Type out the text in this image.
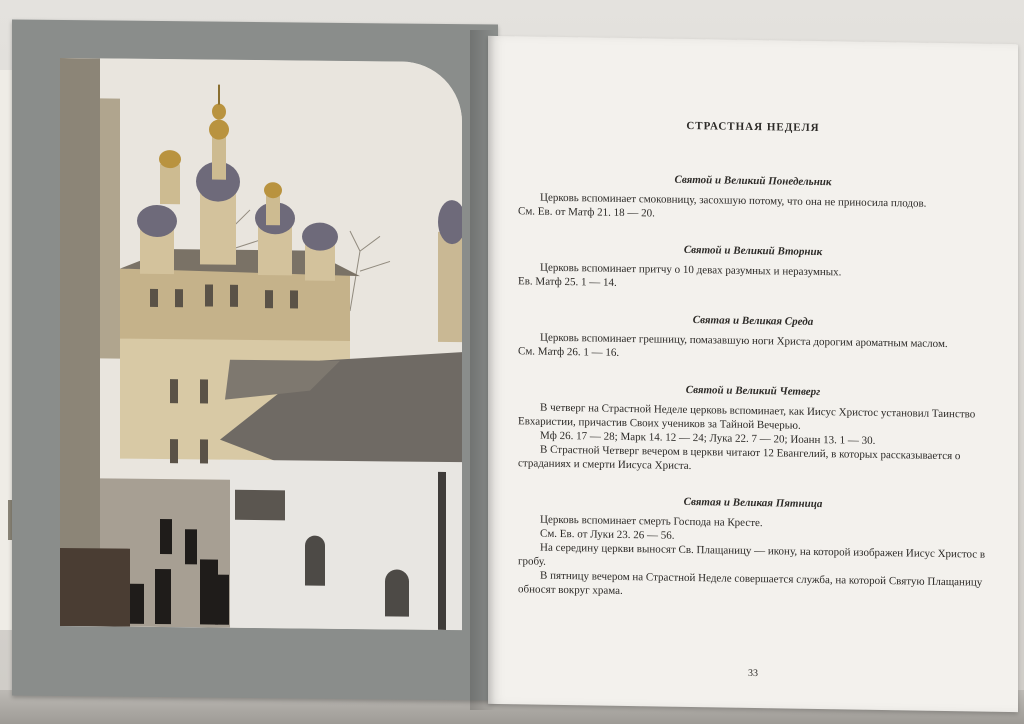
СТРАСТНАЯ НЕДЕЛЯ
Святой и Великий Понедельник

Церковь вспоминает смоковницу, засохшую потому, что она не приносила плодов.

См. Ев. от Матф 21. 18 — 20.

Святой и Великий Вторник

Церковь вспоминает притчу о 10 девах разумных и неразумных.

Ев. Матф 25. 1 — 14.

Святая и Великая Среда

Церковь вспоминает грешницу, помазавшую ноги Христа дорогим ароматным маслом.

См. Матф 26. 1 — 16.

Святой и Великий Четверг

В четверг на Страстной Неделе церковь вспоминает, как Иисус Христос установил Таинство Евхаристии, причастив Своих учеников за Тайной Вечерью.

Мф 26. 17 — 28; Марк 14. 12 — 24; Лука 22. 7 — 20; Иоанн 13. 1 — 30.

В Страстной Четверг вечером в церкви читают 12 Евангелий, в которых рассказывается о страданиях и смерти Иисуса Христа.

Святая и Великая Пятница

Церковь вспоминает смерть Господа на Кресте.

См. Ев. от Луки 23. 26 — 56.

На середину церкви выносят Св. Плащаницу — икону, на которой изображен Иисус Христос в гробу.

В пятницу вечером на Страстной Неделе совершается служба, на которой Святую Плащаницу обносят вокруг храма.

33
